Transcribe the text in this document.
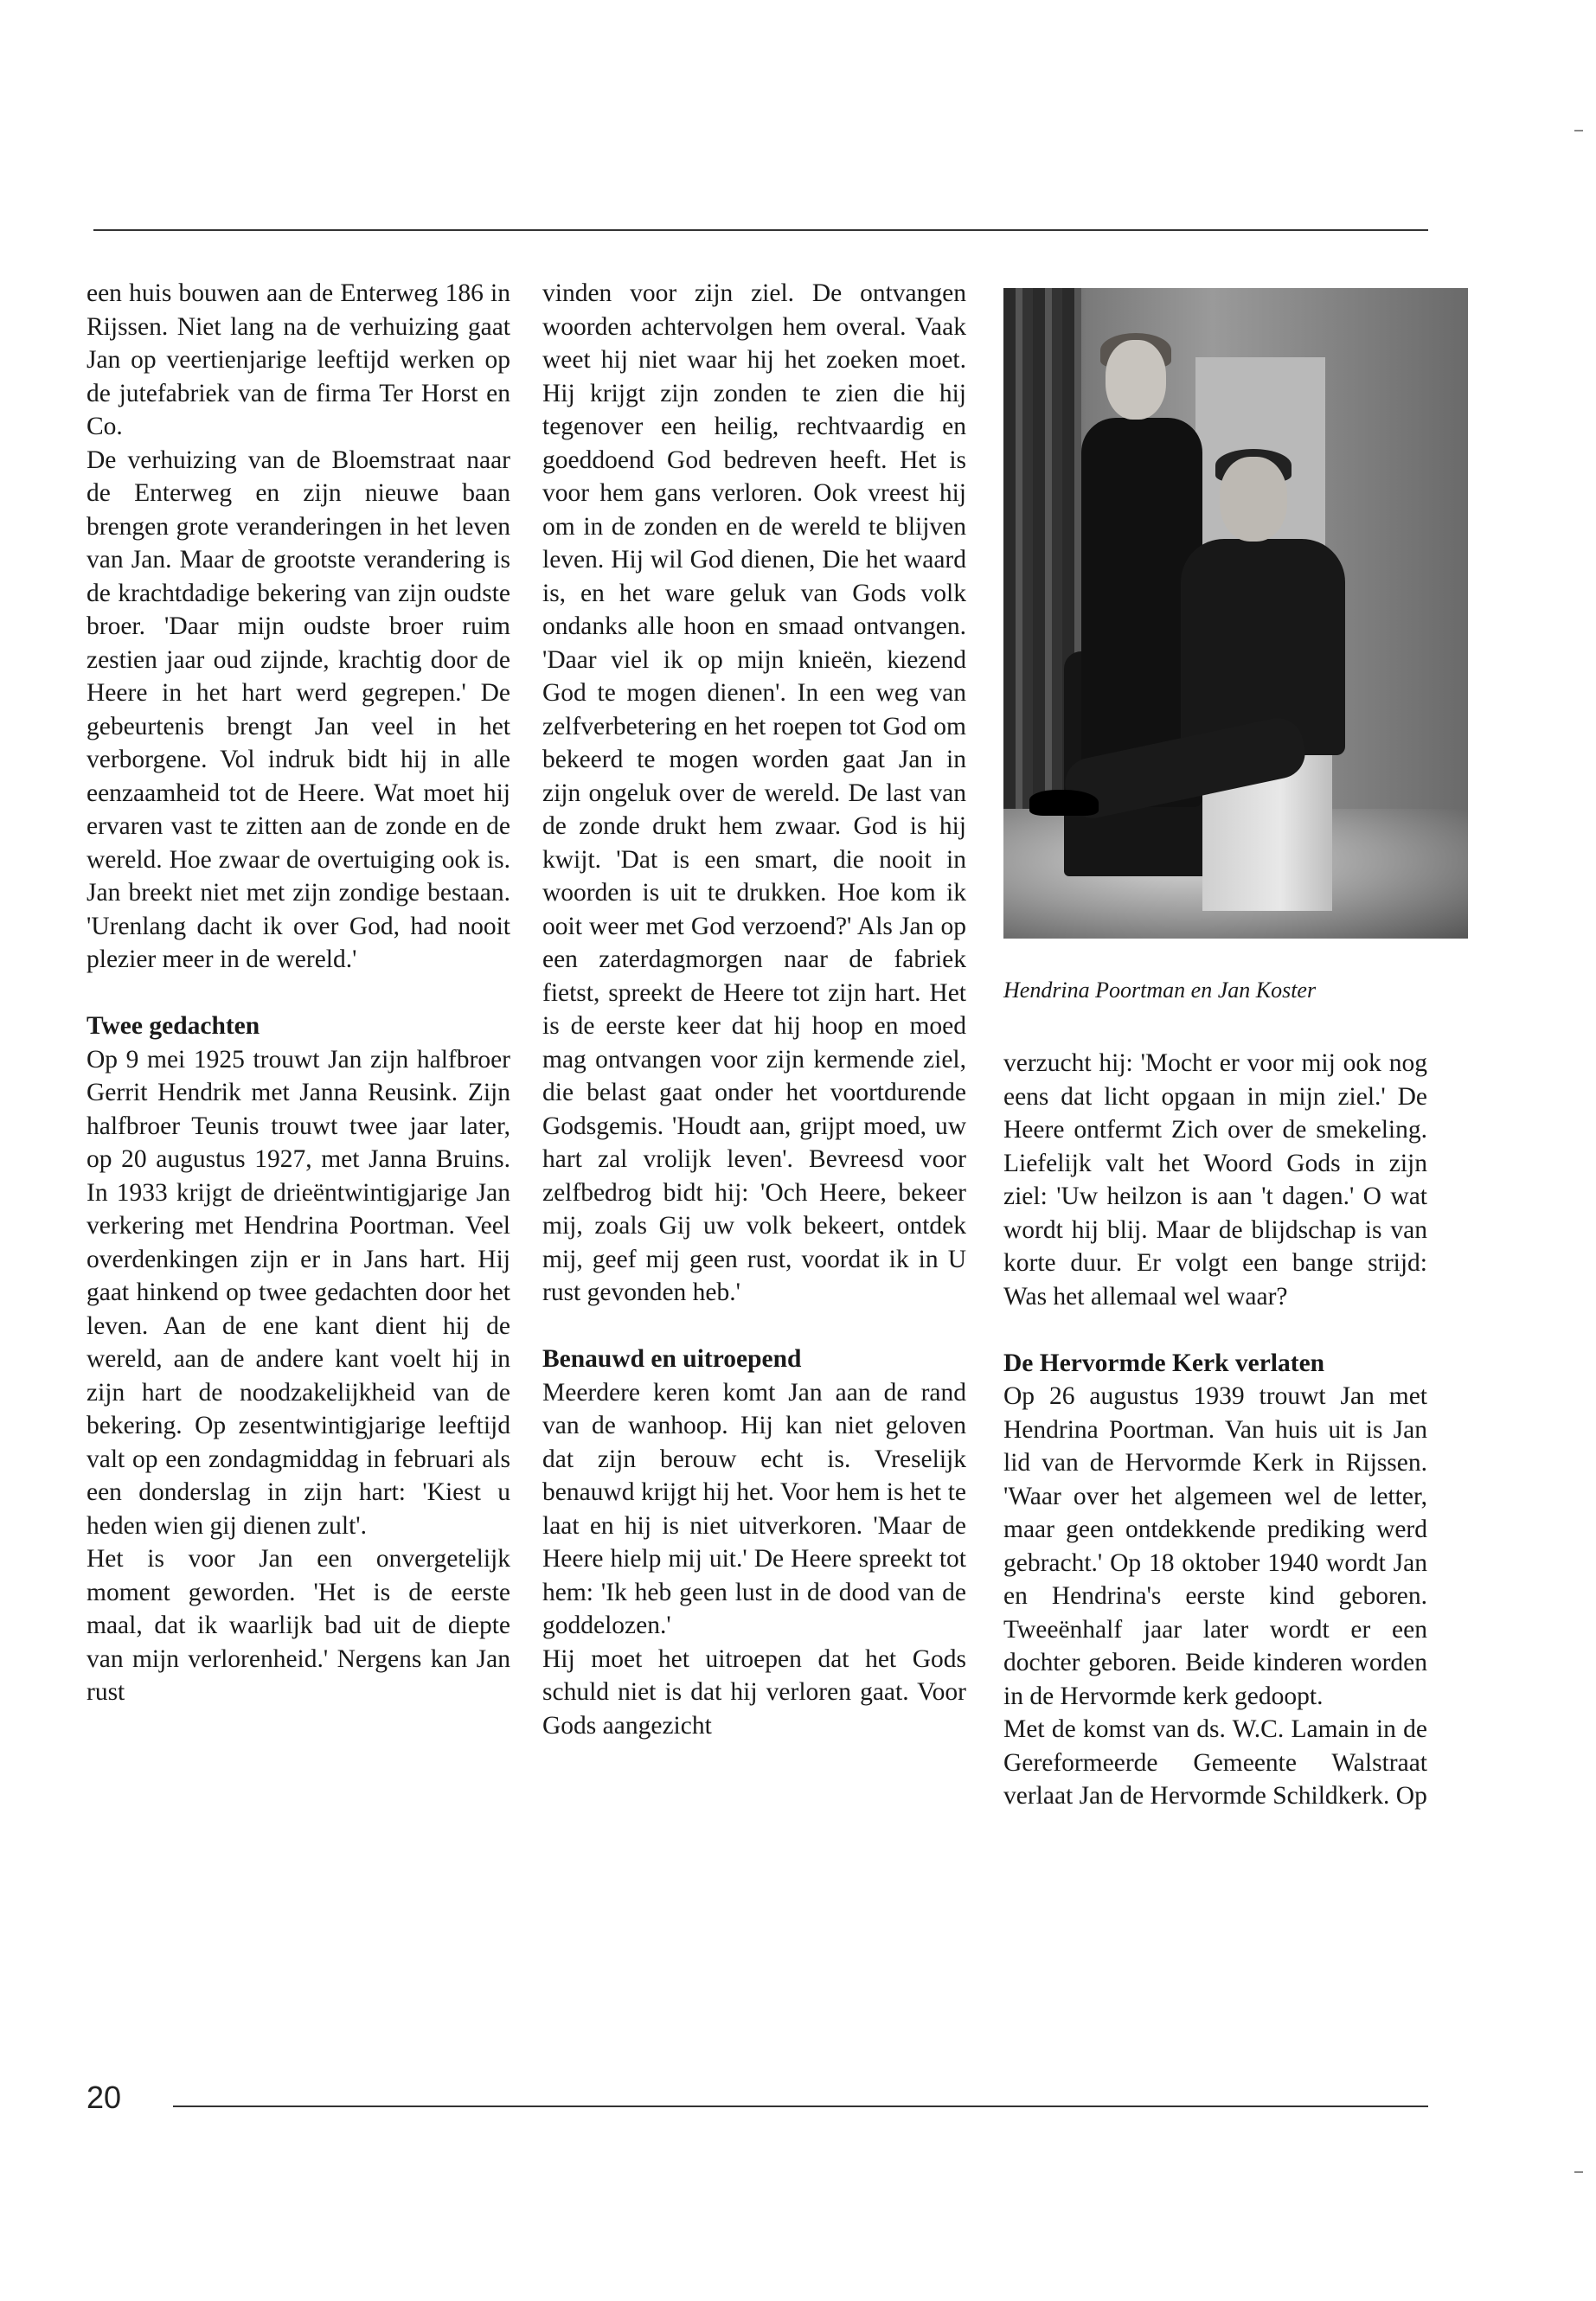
een huis bouwen aan de Enterweg 186 in Rijssen. Niet lang na de verhuizing gaat Jan op veertienjarige leeftijd werken op de jutefabriek van de firma Ter Horst en Co.

De verhuizing van de Bloemstraat naar de Enterweg en zijn nieuwe baan brengen grote veranderingen in het leven van Jan. Maar de grootste verandering is de krachtdadige bekering van zijn oudste broer. 'Daar mijn oudste broer ruim zestien jaar oud zijnde, krachtig door de Heere in het hart werd gegrepen.' De gebeurtenis brengt Jan veel in het verborgene. Vol indruk bidt hij in alle eenzaamheid tot de Heere. Wat moet hij ervaren vast te zitten aan de zonde en de wereld. Hoe zwaar de overtuiging ook is. Jan breekt niet met zijn zondige bestaan. 'Urenlang dacht ik over God, had nooit plezier meer in de wereld.'

Twee gedachten

Op 9 mei 1925 trouwt Jan zijn halfbroer Gerrit Hendrik met Janna Reusink. Zijn halfbroer Teunis trouwt twee jaar later, op 20 augustus 1927, met Janna Bruins. In 1933 krijgt de drieëntwintigjarige Jan verkering met Hendrina Poortman. Veel overdenkingen zijn er in Jans hart. Hij gaat hinkend op twee gedachten door het leven. Aan de ene kant dient hij de wereld, aan de andere kant voelt hij in zijn hart de noodzakelijkheid van de bekering. Op zesentwintigjarige leeftijd valt op een zondagmiddag in februari als een donderslag in zijn hart: 'Kiest u heden wien gij dienen zult'.

Het is voor Jan een onvergetelijk moment geworden. 'Het is de eerste maal, dat ik waarlijk bad uit de diepte van mijn verlorenheid.' Nergens kan Jan rust

vinden voor zijn ziel. De ontvangen woorden achtervolgen hem overal. Vaak weet hij niet waar hij het zoeken moet. Hij krijgt zijn zonden te zien die hij tegenover een heilig, rechtvaardig en goeddoend God bedreven heeft. Het is voor hem gans verloren. Ook vreest hij om in de zonden en de wereld te blijven leven. Hij wil God dienen, Die het waard is, en het ware geluk van Gods volk ondanks alle hoon en smaad ontvangen. 'Daar viel ik op mijn knieën, kiezend God te mogen dienen'. In een weg van zelfverbetering en het roepen tot God om bekeerd te mogen worden gaat Jan in zijn ongeluk over de wereld. De last van de zonde drukt hem zwaar. God is hij kwijt. 'Dat is een smart, die nooit in woorden is uit te drukken. Hoe kom ik ooit weer met God verzoend?' Als Jan op een zaterdagmorgen naar de fabriek fietst, spreekt de Heere tot zijn hart. Het is de eerste keer dat hij hoop en moed mag ontvangen voor zijn kermende ziel, die belast gaat onder het voortdurende Godsgemis. 'Houdt aan, grijpt moed, uw hart zal vrolijk leven'. Bevreesd voor zelfbedrog bidt hij: 'Och Heere, bekeer mij, zoals Gij uw volk bekeert, ontdek mij, geef mij geen rust, voordat ik in U rust gevonden heb.'

Benauwd en uitroepend

Meerdere keren komt Jan aan de rand van de wanhoop. Hij kan niet geloven dat zijn berouw echt is. Vreselijk benauwd krijgt hij het. Voor hem is het te laat en hij is niet uitverkoren. 'Maar de Heere hielp mij uit.' De Heere spreekt tot hem: 'Ik heb geen lust in de dood van de goddelozen.'

Hij moet het uitroepen dat het Gods schuld niet is dat hij verloren gaat. Voor Gods aangezicht

Hendrina Poortman en Jan Koster

verzucht hij: 'Mocht er voor mij ook nog eens dat licht opgaan in mijn ziel.' De Heere ontfermt Zich over de smekeling. Liefelijk valt het Woord Gods in zijn ziel: 'Uw heilzon is aan 't dagen.' O wat wordt hij blij. Maar de blijdschap is van korte duur. Er volgt een bange strijd: Was het allemaal wel waar?

De Hervormde Kerk verlaten

Op 26 augustus 1939 trouwt Jan met Hendrina Poortman. Van huis uit is Jan lid van de Hervormde Kerk in Rijssen. 'Waar over het algemeen wel de letter, maar geen ontdekkende prediking werd gebracht.' Op 18 oktober 1940 wordt Jan en Hendrina's eerste kind geboren. Tweeënhalf jaar later wordt er een dochter geboren. Beide kinderen worden in de Hervormde kerk gedoopt.

Met de komst van ds. W.C. Lamain in de Gereformeerde Gemeente Walstraat verlaat Jan de Hervormde Schildkerk. Op

20
